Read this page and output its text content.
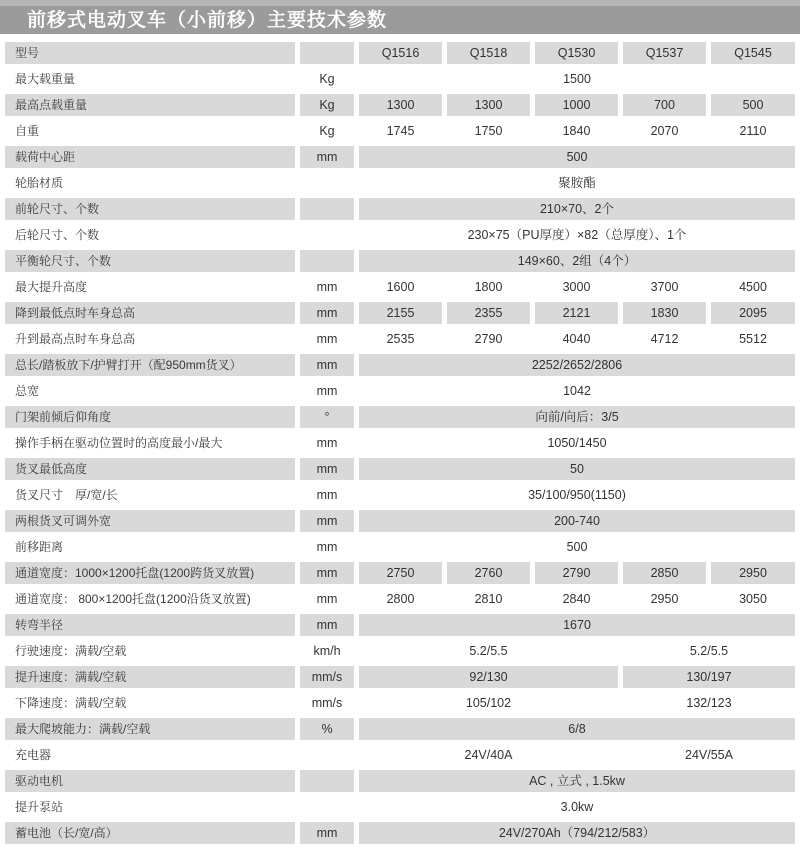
前移式电动叉车（小前移）主要技术参数
型号		Q1516	Q1518	Q1530	Q1537	Q1545
最大载重量	Kg	1500				
最高点载重量	Kg	1300	1300	1000	700	500
自重	Kg	1745	1750	1840	2070	2110
载荷中心距	mm	500				
轮胎材质		聚胺酯				
前轮尺寸、个数		210×70、2个				
后轮尺寸、个数		230×75（PU厚度）×82（总厚度）、1个				
平衡轮尺寸、个数		149×60、2组（4个）				
最大提升高度	mm	1600	1800	3000	3700	4500
降到最低点时车身总高	mm	2155	2355	2121	1830	2095
升到最高点时车身总高	mm	2535	2790	4040	4712	5512
总长/踏板放下/护臂打开（配950mm货叉）	mm	2252/2652/2806				
总宽	mm	1042				
门架前倾后仰角度	°	向前/向后：3/5				
操作手柄在驱动位置时的高度最小/最大	mm	1050/1450				
货叉最低高度	mm	50				
货叉尺寸　厚/宽/长	mm	35/100/950(1150)				
两根货叉可调外宽	mm	200-740				
前移距离	mm	500				
通道宽度：1000×1200托盘(1200跨货叉放置)	mm	2750	2760	2790	2850	2950
通道宽度： 800×1200托盘(1200沿货叉放置)	mm	2800	2810	2840	2950	3050
转弯半径	mm	1670				
行驶速度：满载/空载	km/h	5.2/5.5			5.2/5.5	
提升速度：满载/空载	mm/s	92/130			130/197	
下降速度：满载/空载	mm/s	105/102			132/123	
最大爬坡能力：满载/空载	%	6/8				
充电器		24V/40A			24V/55A	
驱动电机		AC , 立式 , 1.5kw				
提升泵站		3.0kw				
蓄电池（长/宽/高）	mm	24V/270Ah（794/212/583）				
